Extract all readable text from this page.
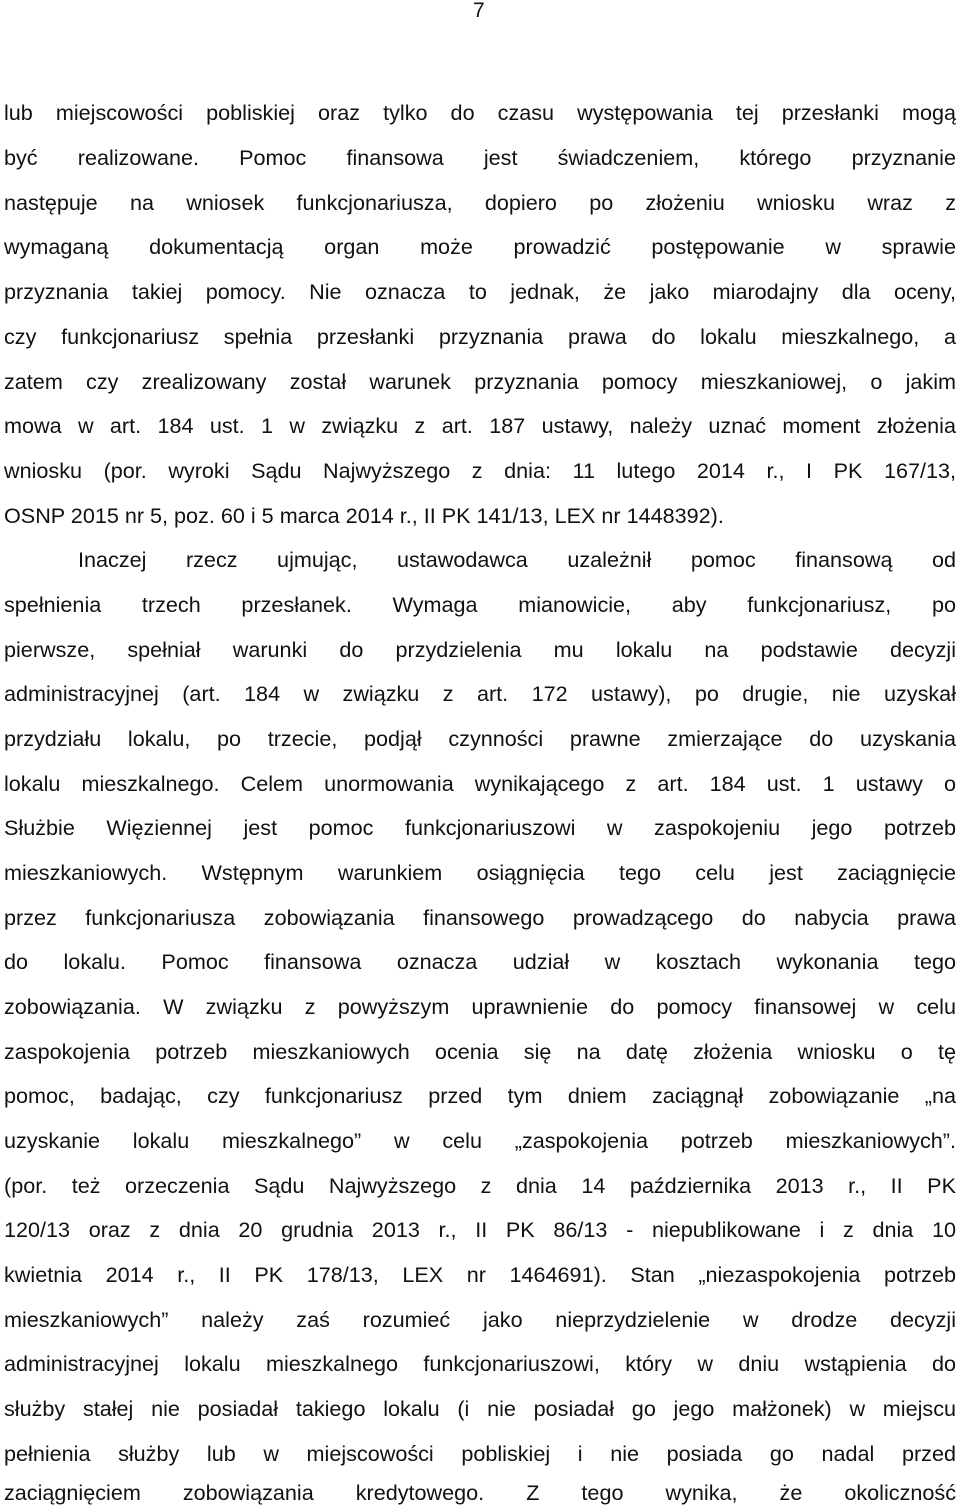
7
lub miejscowości pobliskiej oraz tylko do czasu występowania tej przesłanki mogą
być realizowane. Pomoc finansowa jest świadczeniem, którego przyznanie
następuje na wniosek funkcjonariusza, dopiero po złożeniu wniosku wraz z
wymaganą dokumentacją organ może prowadzić postępowanie w sprawie
przyznania takiej pomocy. Nie oznacza to jednak, że jako miarodajny dla oceny,
czy funkcjonariusz spełnia przesłanki przyznania prawa do lokalu mieszkalnego, a
zatem czy zrealizowany został warunek przyznania pomocy mieszkaniowej, o jakim
mowa w art. 184 ust. 1 w związku z art. 187 ustawy, należy uznać moment złożenia
wniosku (por. wyroki Sądu Najwyższego z dnia: 11 lutego 2014 r., I PK 167/13,
OSNP 2015 nr 5, poz. 60 i 5 marca 2014 r., II PK 141/13, LEX nr 1448392).
Inaczej rzecz ujmując, ustawodawca uzależnił pomoc finansową od
spełnienia trzech przesłanek. Wymaga mianowicie, aby funkcjonariusz, po
pierwsze, spełniał warunki do przydzielenia mu lokalu na podstawie decyzji
administracyjnej (art. 184 w związku z art. 172 ustawy), po drugie, nie uzyskał
przydziału lokalu, po trzecie, podjął czynności prawne zmierzające do uzyskania
lokalu mieszkalnego. Celem unormowania wynikającego z art. 184 ust. 1 ustawy o
Służbie Więziennej jest pomoc funkcjonariuszowi w zaspokojeniu jego potrzeb
mieszkaniowych. Wstępnym warunkiem osiągnięcia tego celu jest zaciągnięcie
przez funkcjonariusza zobowiązania finansowego prowadzącego do nabycia prawa
do lokalu. Pomoc finansowa oznacza udział w kosztach wykonania tego
zobowiązania. W związku z powyższym uprawnienie do pomocy finansowej w celu
zaspokojenia potrzeb mieszkaniowych ocenia się na datę złożenia wniosku o tę
pomoc, badając, czy funkcjonariusz przed tym dniem zaciągnął zobowiązanie „na
uzyskanie lokalu mieszkalnego” w celu „zaspokojenia potrzeb mieszkaniowych”.
(por. też orzeczenia Sądu Najwyższego z dnia 14 października 2013 r., II PK
120/13 oraz z dnia 20 grudnia 2013 r., II PK 86/13 - niepublikowane i z dnia 10
kwietnia 2014 r., II PK 178/13, LEX nr 1464691). Stan „niezaspokojenia potrzeb
mieszkaniowych” należy zaś rozumieć jako nieprzydzielenie w drodze decyzji
administracyjnej lokalu mieszkalnego funkcjonariuszowi, który w dniu wstąpienia do
służby stałej nie posiadał takiego lokalu (i nie posiadał go jego małżonek) w miejscu
pełnienia służby lub w miejscowości pobliskiej i nie posiada go nadal przed
zaciągnięciem zobowiązania kredytowego. Z tego wynika, że okoliczność
